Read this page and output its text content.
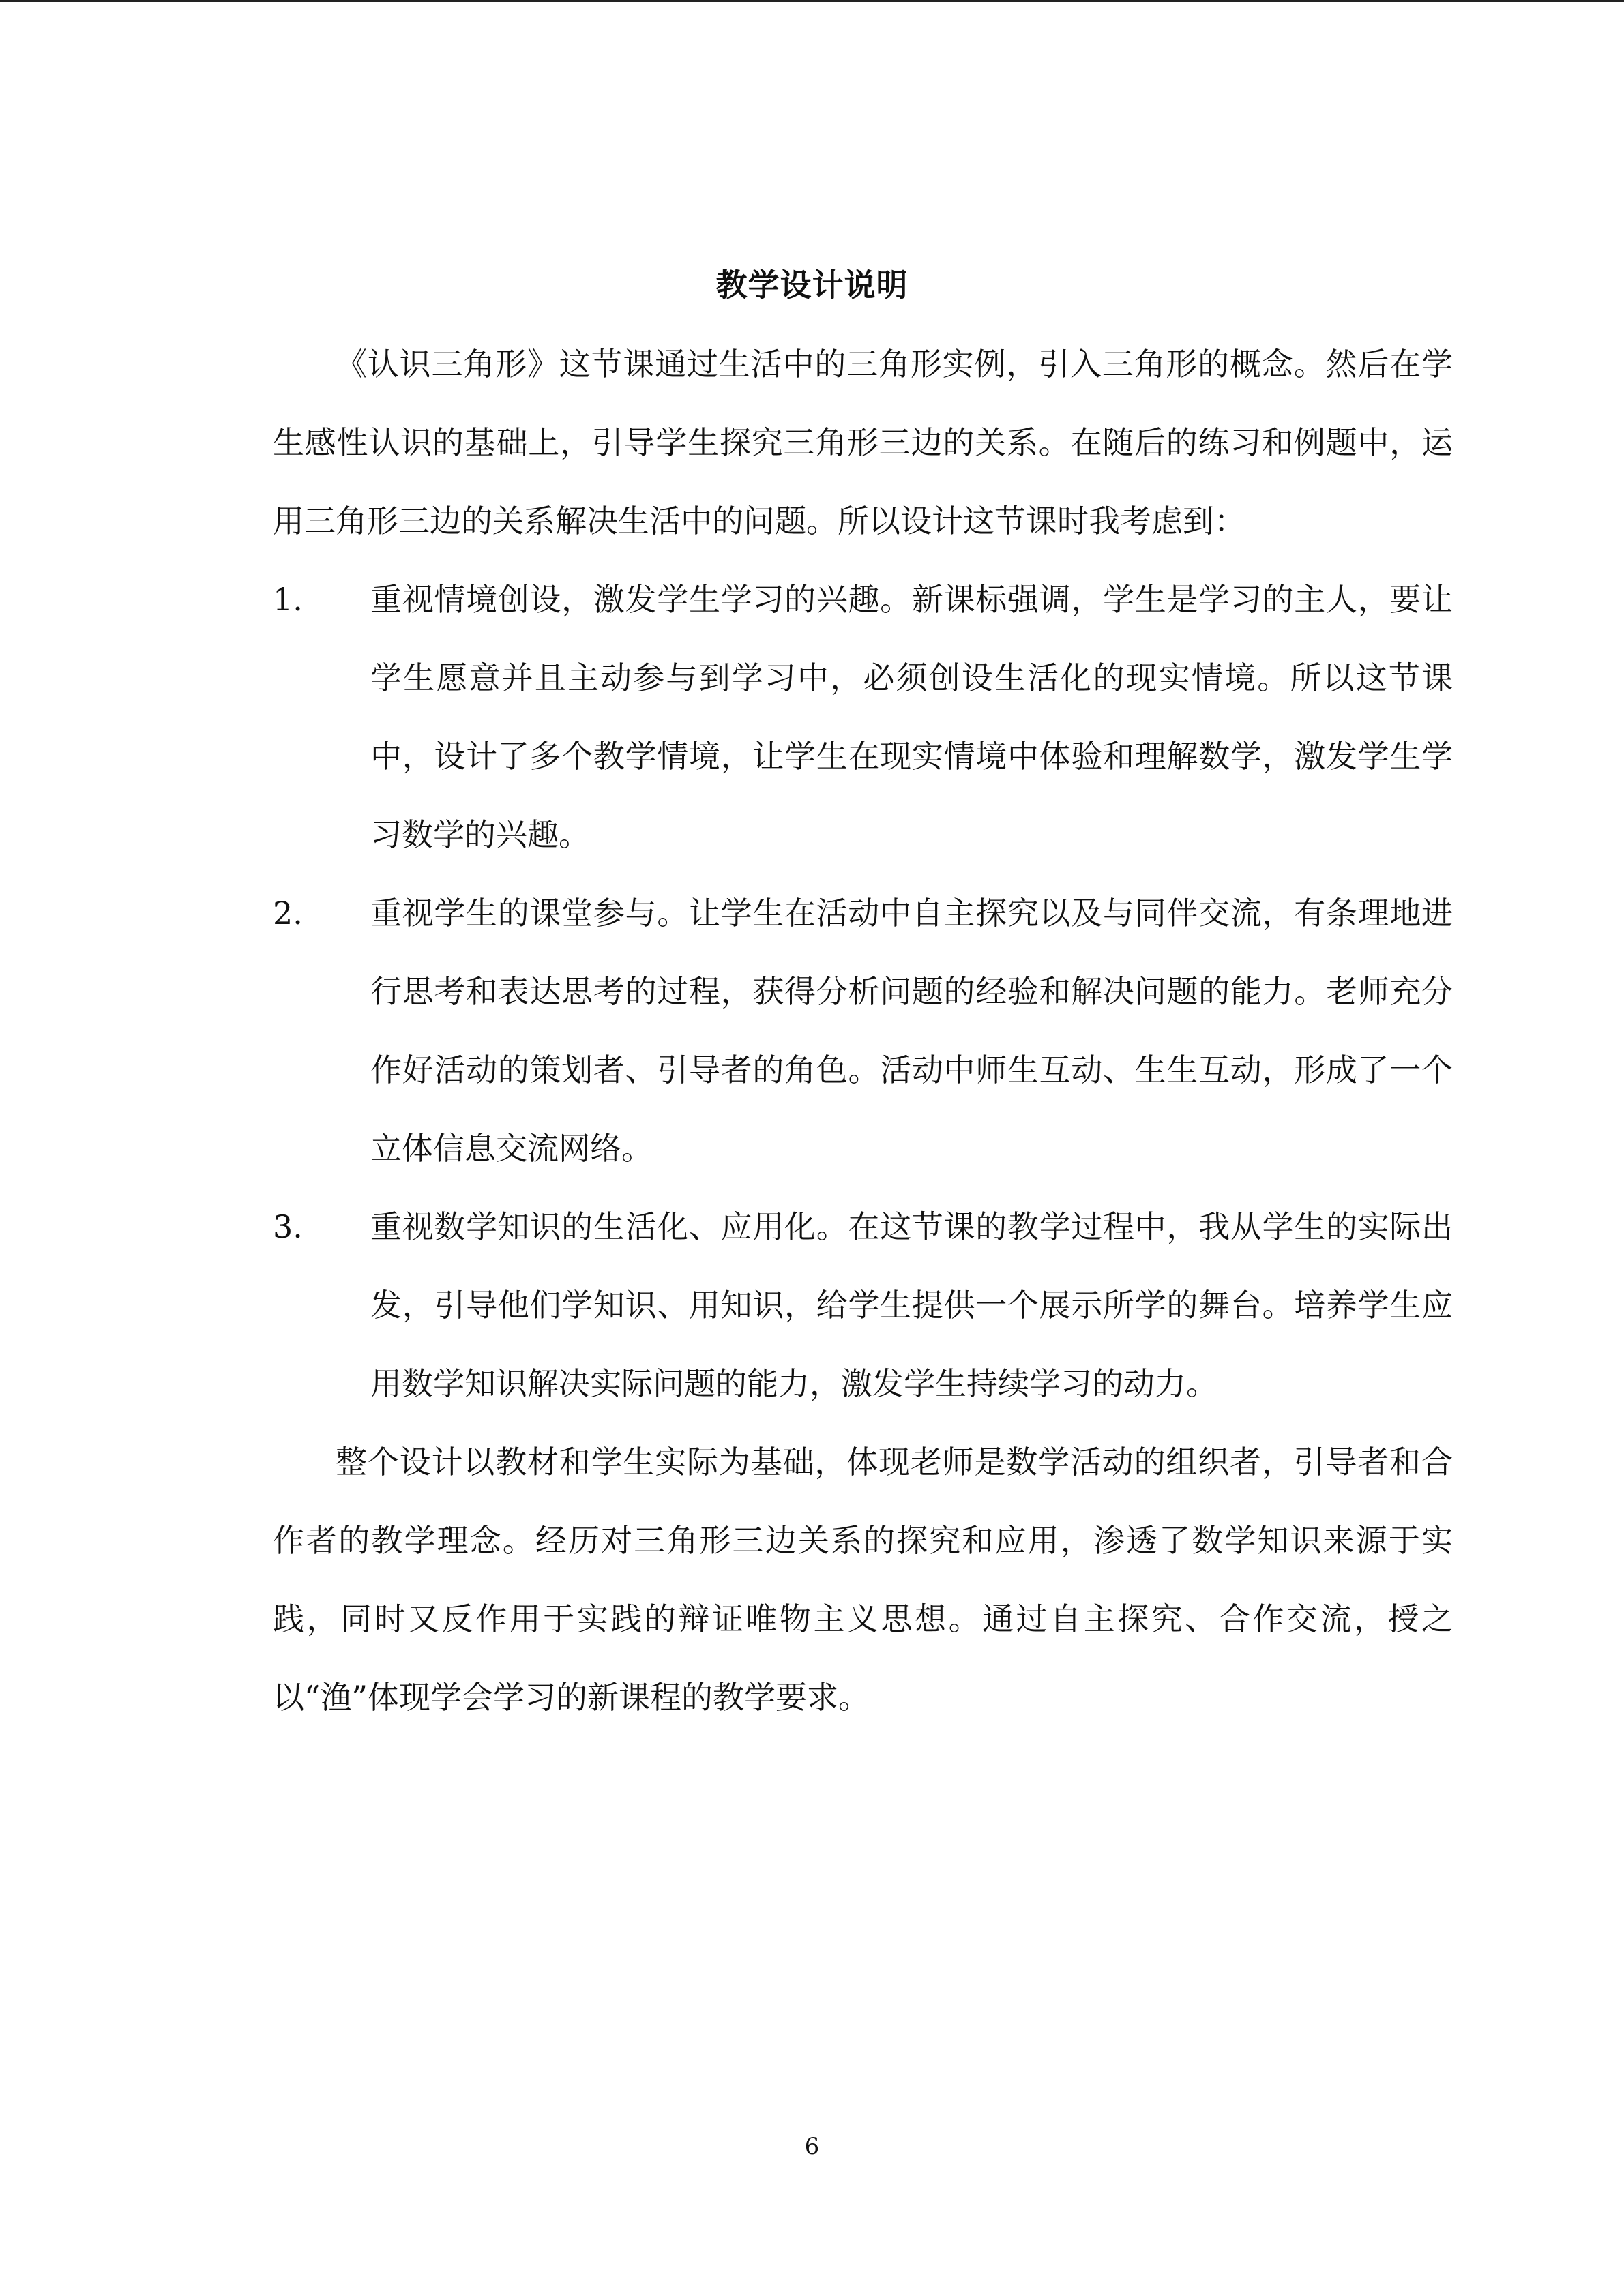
教学设计说明
《认识三角形》这节课通过生活中的三角形实例，引入三角形的概念。然后在学生感性认识的基础上，引导学生探究三角形三边的关系。在随后的练习和例题中，运用三角形三边的关系解决生活中的问题。所以设计这节课时我考虑到：
1.	重视情境创设，激发学生学习的兴趣。新课标强调，学生是学习的主人，要让学生愿意并且主动参与到学习中，必须创设生活化的现实情境。所以这节课中，设计了多个教学情境，让学生在现实情境中体验和理解数学，激发学生学习数学的兴趣。
2.	重视学生的课堂参与。让学生在活动中自主探究以及与同伴交流，有条理地进行思考和表达思考的过程，获得分析问题的经验和解决问题的能力。老师充分作好活动的策划者、引导者的角色。活动中师生互动、生生互动，形成了一个立体信息交流网络。
3.	重视数学知识的生活化、应用化。在这节课的教学过程中，我从学生的实际出发，引导他们学知识、用知识，给学生提供一个展示所学的舞台。培养学生应用数学知识解决实际问题的能力，激发学生持续学习的动力。
整个设计以教材和学生实际为基础，体现老师是数学活动的组织者，引导者和合作者的教学理念。经历对三角形三边关系的探究和应用，渗透了数学知识来源于实践，同时又反作用于实践的辩证唯物主义思想。通过自主探究、合作交流，授之以“渔”体现学会学习的新课程的教学要求。
6
